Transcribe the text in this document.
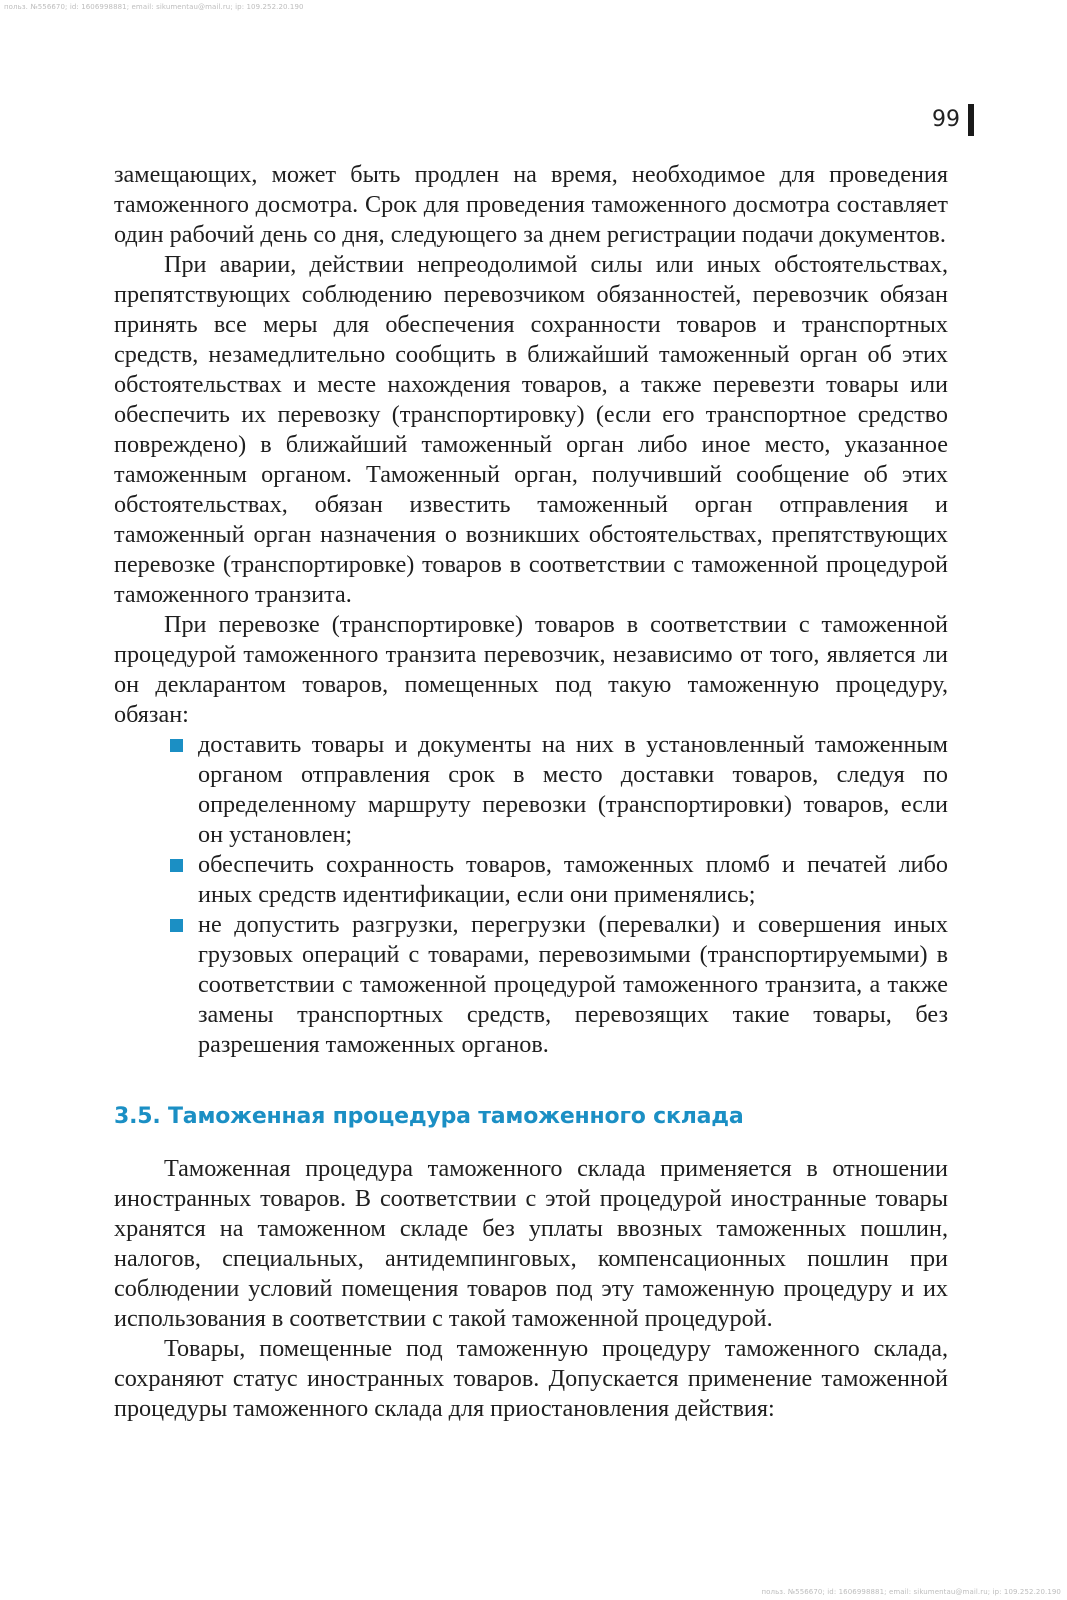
польз. №556670; id: 1606998881; email: sikumentau@mail.ru; ip: 109.252.20.190
99

замещающих, может быть продлен на время, необходимое для проведения таможенного досмотра. Срок для проведения таможенного досмотра составляет один рабочий день со дня, следующего за днем регистрации подачи документов.

При аварии, действии непреодолимой силы или иных обстоятельствах, препятствующих соблюдению перевозчиком обязанностей, перевозчик обязан принять все меры для обеспечения сохранности товаров и транспортных средств, незамедлительно сообщить в ближайший таможенный орган об этих обстоятельствах и месте нахождения товаров, а также перевезти товары или обеспечить их перевозку (транспортировку) (если его транспортное средство повреждено) в ближайший таможенный орган либо иное место, указанное таможенным органом. Таможенный орган, получивший сообщение об этих обстоятельствах, обязан известить таможенный орган отправления и таможенный орган назначения о возникших обстоятельствах, препятствующих перевозке (транспортировке) товаров в соответствии с таможенной процедурой таможенного транзита.

При перевозке (транспортировке) товаров в соответствии с таможенной процедурой таможенного транзита перевозчик, независимо от того, является ли он декларантом товаров, помещенных под такую таможенную процедуру, обязан:

доставить товары и документы на них в установленный таможенным органом отправления срок в место доставки товаров, следуя по определенному маршруту перевозки (транспортировки) товаров, если он установлен;
обеспечить сохранность товаров, таможенных пломб и печатей либо иных средств идентификации, если они применялись;
не допустить разгрузки, перегрузки (перевалки) и совершения иных грузовых операций с товарами, перевозимыми (транспортируемыми) в соответствии с таможенной процедурой таможенного транзита, а также замены транспортных средств, перевозящих такие товары, без разрешения таможенных органов.
3.5. Таможенная процедура таможенного склада

Таможенная процедура таможенного склада применяется в отношении иностранных товаров. В соответствии с этой процедурой иностранные товары хранятся на таможенном складе без уплаты ввозных таможенных пошлин, налогов, специальных, антидемпинговых, компенсационных пошлин при соблюдении условий помещения товаров под эту таможенную процедуру и их использования в соответствии с такой таможенной процедурой.

Товары, помещенные под таможенную процедуру таможенного склада, сохраняют статус иностранных товаров. Допускается применение таможенной процедуры таможенного склада для приостановления действия:

польз. №556670; id: 1606998881; email: sikumentau@mail.ru; ip: 109.252.20.190
